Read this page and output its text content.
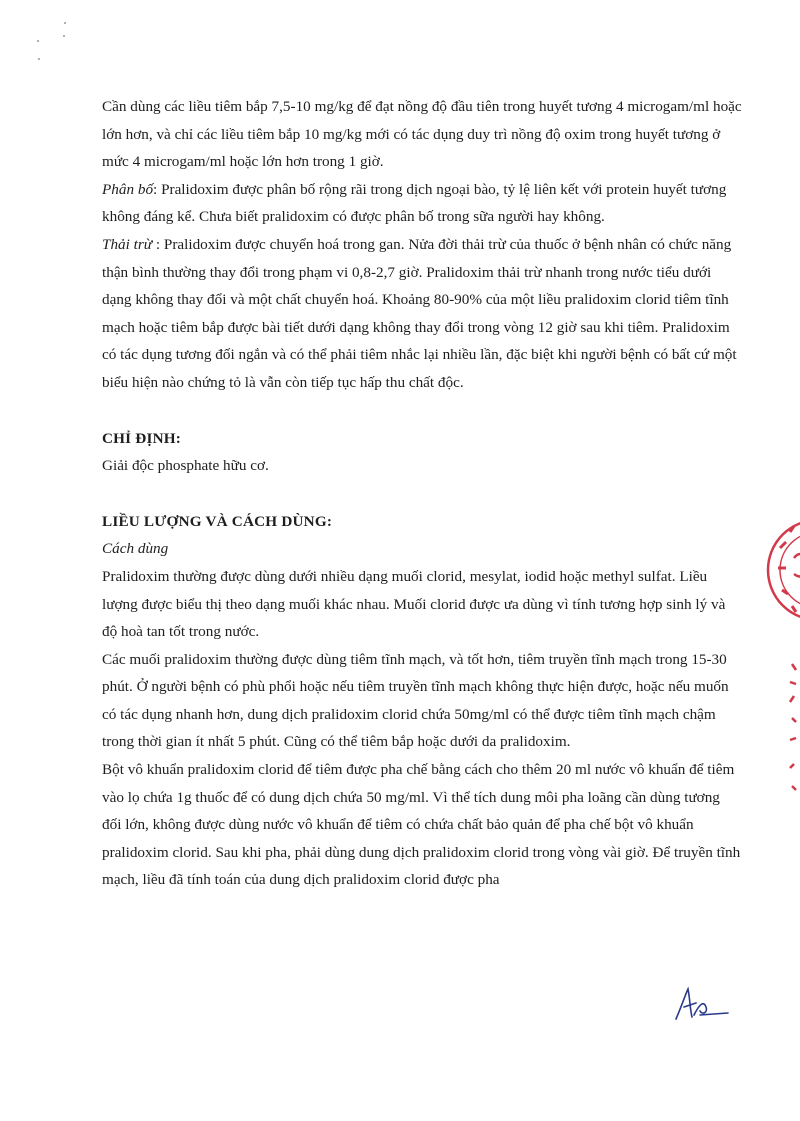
Cần dùng các liều tiêm bắp 7,5-10 mg/kg để đạt nồng độ đầu tiên trong huyết tương 4 microgam/ml hoặc lớn hơn, và chỉ các liều tiêm bắp 10 mg/kg mới có tác dụng duy trì nồng độ oxim trong huyết tương ở mức 4 microgam/ml hoặc lớn hơn trong 1 giờ.

Phân bố: Pralidoxim được phân bố rộng rãi trong dịch ngoại bào, tỷ lệ liên kết với protein huyết tương không đáng kể. Chưa biết pralidoxim có được phân bố trong sữa người hay không.

Thải trừ : Pralidoxim được chuyển hoá trong gan. Nửa đời thải trừ của thuốc ở bệnh nhân có chức năng thận bình thường thay đổi trong phạm vi 0,8-2,7 giờ. Pralidoxim thải trừ nhanh trong nước tiểu dưới dạng không thay đổi và một chất chuyển hoá. Khoảng 80-90% của một liều pralidoxim clorid tiêm tĩnh mạch hoặc tiêm bắp được bài tiết dưới dạng không thay đổi trong vòng 12 giờ sau khi tiêm. Pralidoxim có tác dụng tương đối ngắn và có thể phải tiêm nhắc lại nhiều lần, đặc biệt khi người bệnh có bất cứ một biểu hiện nào chứng tỏ là vẫn còn tiếp tục hấp thu chất độc.

CHỈ ĐỊNH:

Giải độc phosphate hữu cơ.

LIỀU LƯỢNG VÀ CÁCH DÙNG:

Cách dùng

Pralidoxim thường được dùng dưới nhiều dạng muối clorid, mesylat, iodid hoặc methyl sulfat. Liều lượng được biểu thị theo dạng muối khác nhau. Muối clorid được ưa dùng vì tính tương hợp sinh lý và độ hoà tan tốt trong nước.

Các muối pralidoxim thường được dùng tiêm tĩnh mạch, và tốt hơn, tiêm truyền tĩnh mạch trong 15-30 phút. Ở người bệnh có phù phổi hoặc nếu tiêm truyền tĩnh mạch không thực hiện được, hoặc nếu muốn có tác dụng nhanh hơn, dung dịch pralidoxim clorid chứa 50mg/ml có thể được tiêm tĩnh mạch chậm trong thời gian ít nhất 5 phút. Cũng có thể tiêm bắp hoặc dưới da pralidoxim.

Bột vô khuẩn pralidoxim clorid để tiêm được pha chế bằng cách cho thêm 20 ml nước vô khuẩn để tiêm vào lọ chứa 1g thuốc để có dung dịch chứa 50 mg/ml. Vì thể tích dung môi pha loãng cần dùng tương đối lớn, không được dùng nước vô khuẩn để tiêm có chứa chất bảo quản để pha chế bột vô khuẩn pralidoxim clorid. Sau khi pha, phải dùng dung dịch pralidoxim clorid trong vòng vài giờ. Để truyền tĩnh mạch, liều đã tính toán của dung dịch pralidoxim clorid được pha
